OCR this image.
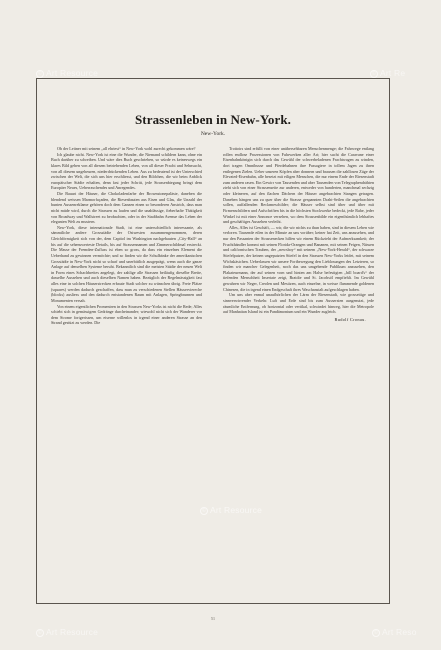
Strassenleben in New-York.
New-York.

Ob der Leitner mit seinem „all ehriest“ in New-York wohl zurecht gekommen wäre?

Ich glaube nicht. New-York ist eine die Wunder, die Niemand schildern kann, ohne ein Buch darüber zu schreiben. Und wäre dies Buch geschrieben, so würde es keineswegs ein klares Bild geben von all diesem betriebenden Leben, von all dieser Pracht und Sehnsucht, von all diesem ungeheuren, niederdrückenden Leben. Aus zu bedeutend ist der Unterschied zwischen der Welt, die sich uns hier erschliesst, und den Bildchen, die wir beim Anblick europäischer Städte erhalten, denn fast jeder Schritt, jede Strassenbiegung bringt dem Europäer Neues, Ueberraschendes und Anregendes.

Die Bauart der Häuser, die Chokoladenfarbe der Brownstonepaläste, daneben die blendend weissen Marmorfaçaden, die Riesenbauten aus Eisen und Glas, die Unzahl der bunten Aussenreklame gehören doch dem Ganzen einen so besonderen Anstrich, dass man nicht müde wird, durch die Strassen zu laufen und die unablässige, fieberhafte Thätigkeit von Broadway und Wallstreet zu beobachten, oder in der Stadtbahn Avenue das Leben der eleganten Welt zu mustern.

New-York, diese internationale Stadt, ist eine unterschiedlich interessante, als sämmtliche andere Grossstädte der Ostwesten zusammengenommen, deren Gleichförmigkeit sich von der, dem Capitol im Washington nachgebauten „City-Hall“ an bis auf die sehenswerteste Details, bis auf Strassennamen und Zimmerschildmal erstreckt. Die Masse der Fremden-Zufluss ist eben so gross, da dass ein einzelnes Element die Ueberhand zu gewinnen vermöchte; und so finden wir die Schulbänke der amerikanischen Grosstädte in New-York nicht so scharf und unerbittlich ausgeprägt, wenn auch die ganze Anlage auf denselben Systeme beruht. Bekanntlich sind die meisten Städte der neuen Welt in Form eines Schachbrettes angelegt, der zahlige alle Strassen beiläufig dieselbe Breite, dasselbe Aussehen und auch dieselben Namen haben. Bezüglich der Regelmässigkeit fast alles eine in solchen Häuserstrecken erbaute Stadt solcher zu wünschen übrig. Freie Plätze (squares) werden dadurch geschaffen, dass man zu verschiedenen Stellen Häuserviereche (blocks) ausliess und den dadurch entstandenen Raum mit Anlagen, Springbrunnen und Monumenten versah.

Von einem eigentlichen Promeniren in den Strassen New-Yorks ist nicht die Rede; Alles schiebt sich in gemässigem Gedränge durcheinander; wiewohl nicht sich der Wanderer vor dem Strome fortgerissen, um eiserne willenlos in irgend einer anderen Strasse an den Strand gestüzt zu werden. Die

Trottoirs sind erfüllt von einer unübersehbaren Menschenmenge; die Fahrwege entlang rollen endlose Prozessionen von Fuhrwerken aller Art; hier sucht die Caravane einer Eisenbahnkönigin sich durch das Gewühl der schwerbeladenen Frachtwagen zu winden, dort tragen Omnibusse und Pferdebahnen ihre Passagiere in tollem Jagen zu ihren entlegenen Zielen. Ueber unseren Köpfen aber donnern und brausen die zahllosen Züge der Elevated-Eisenbahn, alle besetzt mit eiligen Menschen, die nur einem Ende der Riesenstadt zum anderen rasen. Ein Gewirr von Tausenden und aber Tausenden von Telegraphendrähten zieht sich von einer Strassenseite zur anderen, entweder von hunderten, manchmal sechzig oder kleineren, auf den flachen Dächern der Häuser angebrachten Stangen getragen. Daneben hängen uns zu quer über die Strasse gespannten Draht-Seilen die angebrachten sollen, auffallenden Reclameschilder; die Häuser selbst sind über und über mit Firmenschildern und Aufschriften bis in die höchsten Stockwerke bedeckt, jede Rahe, jeder Winkel ist mit einer Annonce versehen, wo dem Strassenbilde ein eigenthümlich lebhaftes und geschäftiges Aussehen verleiht.

Alles, Alles ist Geschäft, — wir, die wir nichts zu thun haben, sind in diesem Leben wie verloren. Tausende eilen in der Minute an uns vorüber; keiner hat Zeit, uns anzusehen, und nur den Passanten der Strassenecken hilfen wir einem Rückzieht der Aufmerksamkeit; der Fruchthändler kommt mit seinen Florida-Orangen und Bananen, mit seinen Feigen, Nüssen und californischen Trauben, der „newsboy“ mit seinem „New-York-Herald“, der schwarze Stiefelputzer, der keinen ungeputzten Stiefel in den Strassen New-Yorks leidet, mit seinem Wichskästchen. Ueberlassen wir unsere Fortbewegung den Lieblosungen des Letzteren, so finden wir mancher Gelegenheit, noch das uns umgebende Publikum anzusehen, den Plakateurmann, der auf seinen vorn und hinten am Halse befestigten „bill board's“ der tiefenden Menschheit Insertate zeigt, Bratdie und St. Jacobsöl empfiehlt. Im Gewühl gewahren wir Neger, Creolen und Mestizen, auch einzelne, in weisse flammende goldenen Chinesen, die in irgend einen Endgeschaft ihres Waschanstalt aufgeschlagen haben.

Um uns aber enmal unaufhörlichen der Lärm der Riesenstadt, wie grosseitige und sinnverwirrender Verkehr. Luft und Erde sind bis zum Aussersten ausgenutzt, jede räumliche Entfernung, ob horizontal oder vertikal, schwindet hinweg, hier die Metropole auf Manhattan Island ist ein Pandämonium und ein Wunder zugleich.

Rudolf Cronau.
51
© Art Resource	© Art Re
© Art Resource
© Art Resource	© Art Reso
